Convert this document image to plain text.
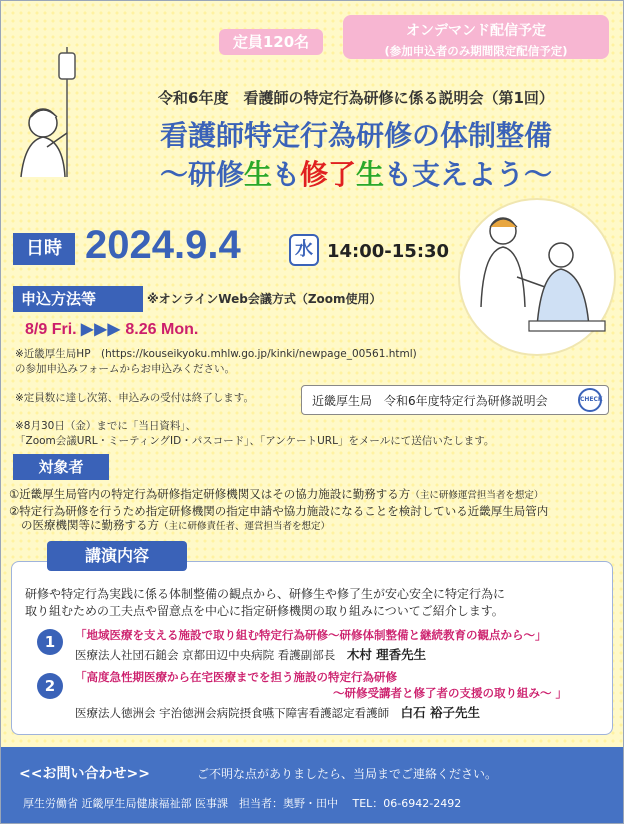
定員120名
オンデマンド配信予定
(参加申込者のみ期間限定配信予定)
令和6年度　看護師の特定行為研修に係る説明会（第1回）
看護師特定行為研修の体制整備
～研修生も修了生も支えよう～
日時 2024.9.4	水 14:00-15:30
申込方法等	※オンラインWeb会議方式（Zoom使用）
8/9 Fri. ▶▶▶ 8.26 Mon.
※近畿厚生局HP　(https://kouseikyoku.mhlw.go.jp/kinki/newpage_00561.html)
の参加申込みフォームからお申込みください。
※定員数に達し次第、申込みの受付は終了します。	近畿厚生局　令和6年度特定行為研修説明会	CHECK
※8月30日（金）までに「当日資料」、
「Zoom会議URL・ミーティングID・パスコード」、「アンケートURL」をメールにて送信いたします。
対象者
①近畿厚生局管内の特定行為研修指定研修機関又はその協力施設に勤務する方（主に研修運営担当者を想定）
②特定行為研修を行うため指定研修機関の指定申請や協力施設になることを検討している近畿厚生局管内
の医療機関等に勤務する方（主に研修責任者、運営担当者を想定）
講演内容
研修や特定行為実践に係る体制整備の観点から、研修生や修了生が安心安全に特定行為に
取り組むための工夫点や留意点を中心に指定研修機関の取り組みについてご紹介します。
1	「地域医療を支える施設で取り組む特定行為研修～研修体制整備と継続教育の観点から～」
医療法人社団石鎚会 京都田辺中央病院 看護副部長　 木村 理香先生
2	「高度急性期医療から在宅医療までを担う施設の特定行為研修
～研修受講者と修了者の支援の取り組み～ 」
医療法人徳洲会 宇治徳洲会病院摂食嚥下障害看護認定看護師　 白石 裕子先生
<<お問い合わせ>>	ご不明な点がありましたら、当局までご連絡ください。
厚生労働省 近畿厚生局健康福祉部 医事課　担当者：奥野・田中　 TEL：06-6942-2492
